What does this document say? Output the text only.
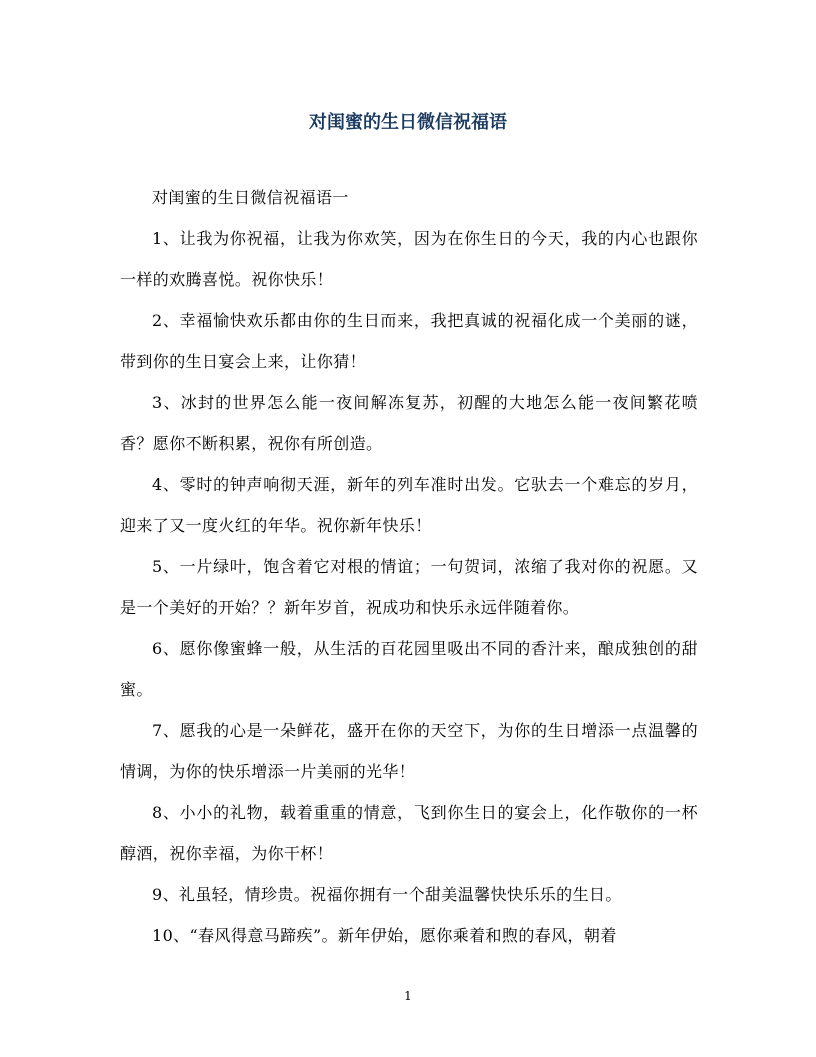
对闺蜜的生日微信祝福语

对闺蜜的生日微信祝福语一

1、让我为你祝福，让我为你欢笑，因为在你生日的今天，我的内心也跟你一样的欢腾喜悦。祝你快乐！

2、幸福愉快欢乐都由你的生日而来，我把真诚的祝福化成一个美丽的谜，带到你的生日宴会上来，让你猜！

3、冰封的世界怎么能一夜间解冻复苏，初醒的大地怎么能一夜间繁花喷香？愿你不断积累，祝你有所创造。

4、零时的钟声响彻天涯，新年的列车准时出发。它驮去一个难忘的岁月，迎来了又一度火红的年华。祝你新年快乐！

5、一片绿叶，饱含着它对根的情谊；一句贺词，浓缩了我对你的祝愿。又是一个美好的开始？？新年岁首，祝成功和快乐永远伴随着你。

6、愿你像蜜蜂一般，从生活的百花园里吸出不同的香汁来，酿成独创的甜蜜。

7、愿我的心是一朵鲜花，盛开在你的天空下，为你的生日增添一点温馨的情调，为你的快乐增添一片美丽的光华！

8、小小的礼物，载着重重的情意，飞到你生日的宴会上，化作敬你的一杯醇酒，祝你幸福，为你干杯！

9、礼虽轻，情珍贵。祝福你拥有一个甜美温馨快快乐乐的生日。

10、“春风得意马蹄疾”。新年伊始，愿你乘着和煦的春风，朝着

1
